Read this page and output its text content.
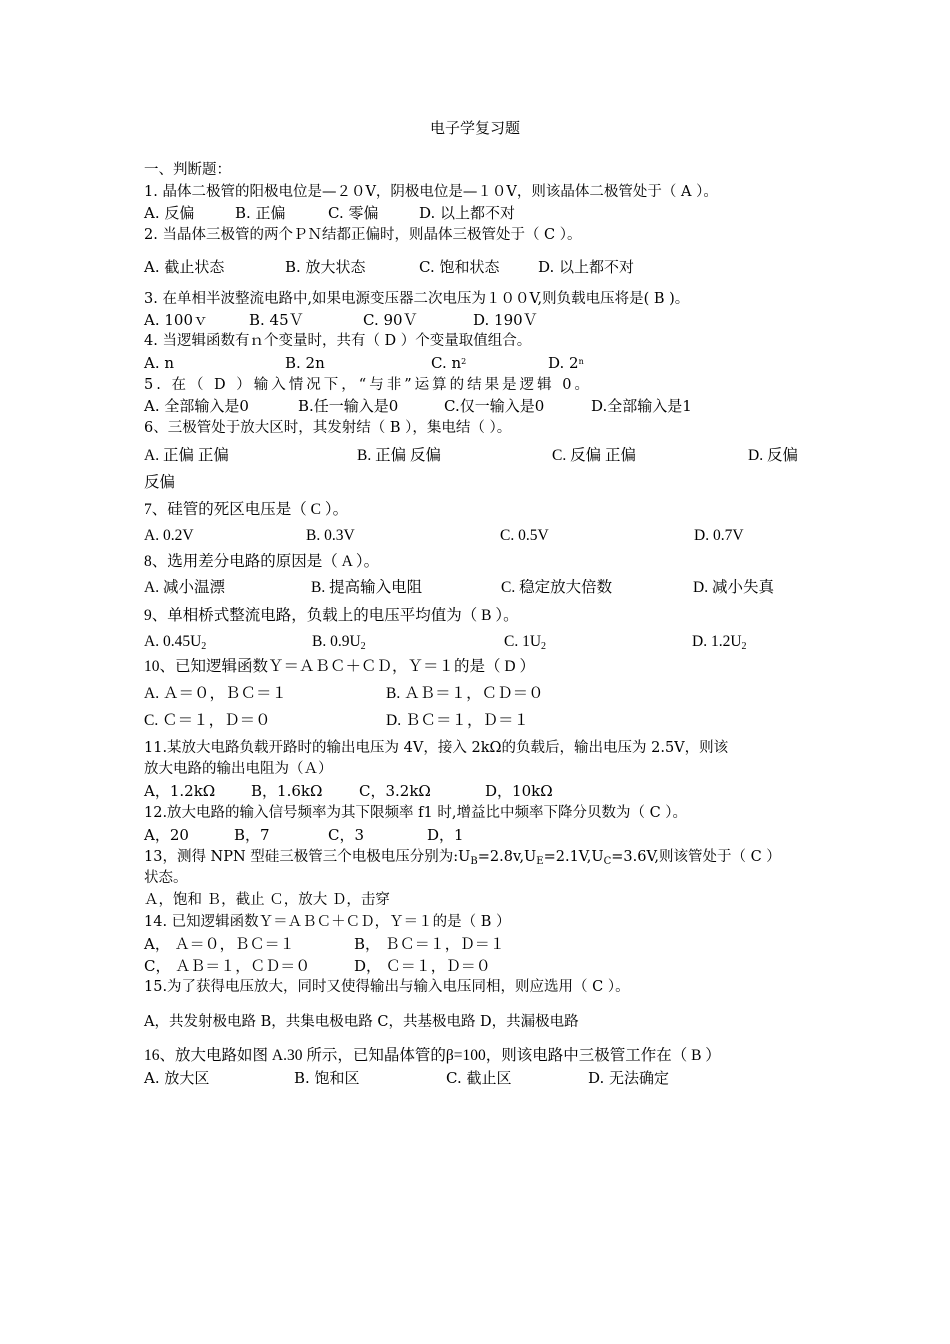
电子学复习题
一、判断题：
1. 晶体二极管的阳极电位是—２０V，阴极电位是—１０V，则该晶体二极管处于（ A ）。

A. 反偏

	B. 正偏

	C. 零偏

	D. 以上都不对

2. 当晶体三极管的两个ＰＮ结都正偏时，则晶体三极管处于（ C ）。

A. 截止状态

	B. 放大状态

	C. 饱和状态

	D. 以上都不对

3. 在单相半波整流电路中,如果电源变压器二次电压为１００V,则负载电压将是( B )。

A. 100ｖ

	B. 45Ｖ

	C. 90Ｖ

	D. 190Ｖ

4. 当逻辑函数有ｎ个变量时，共有（ D ）个变量取值组合。

A. n

	B. 2n

	C. $n^2$

	D. 2$^n$

5. 在（ D ）输入情况下，“与非”运算的结果是逻辑 0。

A. 全部输入是0

	B.任一输入是0

	C.仅一输入是0

	D.全部输入是1

6、三极管处于放大区时，其发射结（ B ），集电结（ ）。

A. 正偏 正偏

	B. 正偏 反偏

	C. 反偏 正偏

	D. 反偏

反偏
7、硅管的死区电压是（ C ）。

A. 0.2V

	B. 0.3V

	C. 0.5V

	D. 0.7V

8、选用差分电路的原因是（ A ）。

A. 减小温漂

	B. 提高输入电阻

	C. 稳定放大倍数

	D. 减小失真

9、单相桥式整流电路，负载上的电压平均值为（ B ）。

A. $0.45U_2$

	B. $0.9U_2$

	C. $1U_2$

	D. $1.2U_2$

10、已知逻辑函数Ｙ＝ＡＢＣ＋ＣＤ，Ｙ＝１的是（ D ）

A. Ａ＝０，ＢＣ＝１

	B. ＡＢ＝１，ＣＤ＝０

C. Ｃ＝１，Ｄ＝０

	D. ＢＣ＝１，Ｄ＝１

11.某放大电路负载开路时的输出电压为 4V，接入 2kΩ的负载后，输出电压为 2.5V，则该
放大电路的输出电阻为（Ａ）

A，1.2kΩ

B，1.6kΩ

C，3.2kΩ

	D，10kΩ

12.放大电路的输入信号频率为其下限频率 f1 时,增益比中频率下降分贝数为（ C ）。

A，20

	B，7

	C，3

	D，1

13，测得 NPN 型硅三极管三个电极电压分别为$:U_B=2.8v,U_E=2.1V,U_C=3.6V$,则该管处于（ C ）
状态。
Ａ，饱和 Ｂ，截止 Ｃ，放大 Ｄ，击穿
14. 已知逻辑函数Ｙ＝ＡＢＣ＋ＣＤ，Ｙ＝１的是（ B ）

A， Ａ＝０，ＢＣ＝１

	B， ＢＣ＝１，Ｄ＝１

C， ＡＢ＝１，ＣＤ＝０

	D， Ｃ＝１，Ｄ＝０

15.为了获得电压放大，同时又使得输出与输入电压同相，则应选用（ C ）。
A，共发射极电路 B，共集电极电路 C，共基极电路 D，共漏极电路
16、放大电路如图 A.30 所示，已知晶体管的β=100，则该电路中三极管工作在（ B ）

A. 放大区

	B. 饱和区

	C. 截止区

	D. 无法确定
